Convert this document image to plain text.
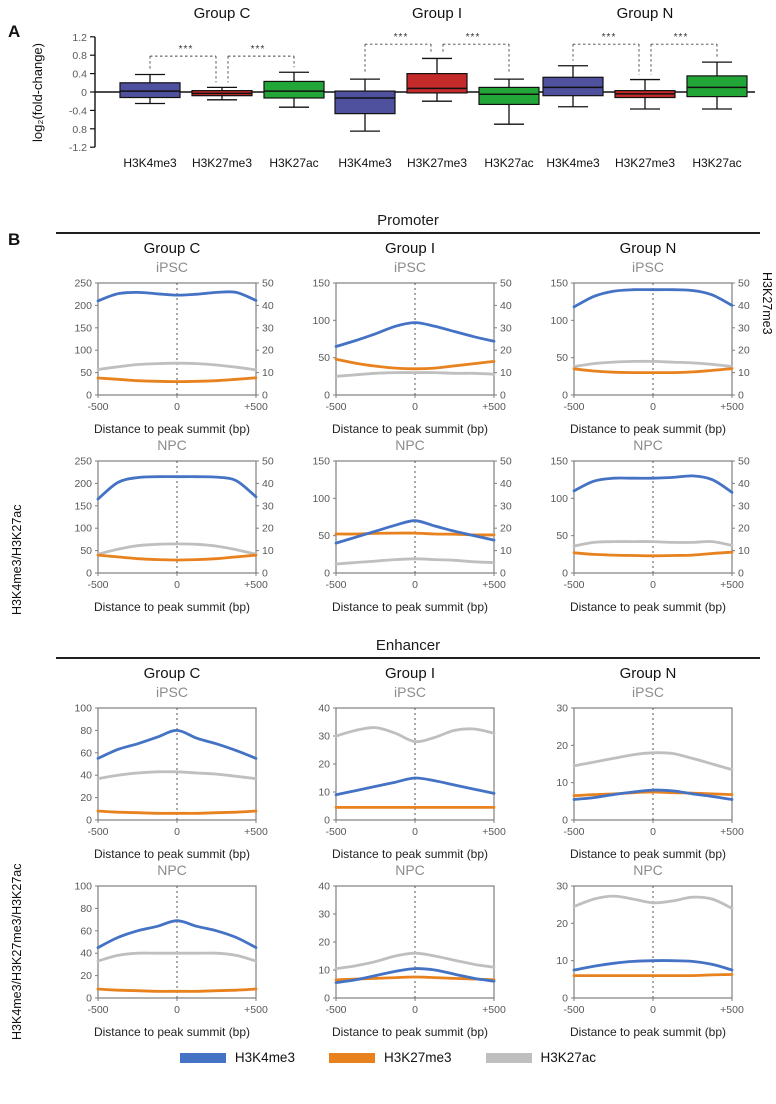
A
log₂(fold-change)
Group C	Group I	Group N
1.2
0.8
0.4
0
-0.4
0.8
-1.2
H3K4me3 H3K27me3 H3K27ac H3K4me3 H3K27me3 H3K27ac H3K4me3 H3K27me3 H3K27ac
***	***
***	***	***	***
B
Promoter
H3K4me3/H3K27ac
H3K27me3
Group C	Group I	Group N
iPSC
0
50
100
150
200
250
0
10
20
30
40
50
-500	0	+500
Distance to peak summit (bp)
iPSC
0
50
100
150
0
10
20
30
40
50
-500	0	+500
Distance to peak summit (bp)
iPSC
0
50
100
150
0
10
20
30
40
50
-500	0	+500
Distance to peak summit (bp)
NPC
0
50
100
150
200
250
0
10
20
30
40
50
-500	0	+500
Distance to peak summit (bp)
NPC
0
50
100
150
0
10
20
30
40
50
-500	0	+500
Distance to peak summit (bp)
NPC
0
50
100
150
0
10
20
30
40
50
-500	0	+500
Distance to peak summit (bp)
Enhancer
H3K4me3/H3K27me3/H3K27ac
Group C	Group I	Group N
iPSC
0
20
40
60
80
100
-500	0	+500
Distance to peak summit (bp)
iPSC
0
10
20
30
40
-500	0	+500
Distance to peak summit (bp)
iPSC
0
10
20
30
-500	0	+500
Distance to peak summit (bp)
NPC
0
20
40
60
80
100
-500	0	+500
Distance to peak summit (bp)
NPC
0
10
20
30
40
-500	0	+500
Distance to peak summit (bp)
NPC
0
10
20
30
-500	0	+500
Distance to peak summit (bp)
H3K4me3	H3K27me3	H3K27ac
